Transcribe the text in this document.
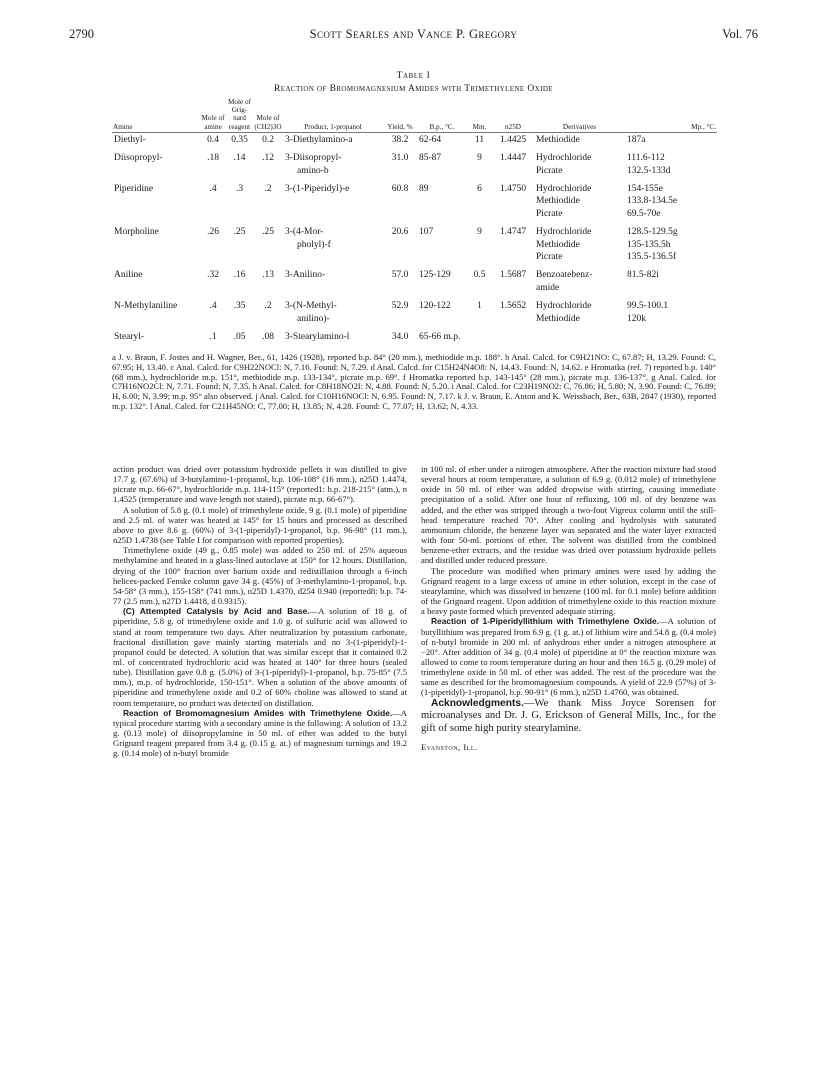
2790	Scott Searles and Vance P. Gregory	Vol. 76
Table I
Reaction of Bromomagnesium Amides with Trimethylene Oxide
Amine	Mole of amine	Mole of Grig-nard reagent	Mole of (CH2)3O	Product, 1-propanol	Yield, %	B.p., °C.	Mm.	n25D	Derivatives	Mp., °C.
Diethyl-	0.4	0.35	0.2	3-Diethylamino-a	38.2	62-64	11	1.4425	Methiodide	187a
Diisopropyl-	.18	.14	.12	3-Diisopropyl-	31.0	85-87	9	1.4447	Hydrochloride	111.6-112
				amino-b					Picrate	132.5-133d
Piperidine	.4	.3	.2	3-(1-Piperidyl)-e	60.8	89	6	1.4750	Hydrochloride	154-155e
									Methiodide	133.8-134.5e
									Picrate	69.5-70e
Morpholine	.26	.25	.25	3-(4-Mor-	20.6	107	9	1.4747	Hydrochloride	128.5-129.5g
				pholyl)-f					Methiodide	135-135.5h
									Picrate	135.5-136.5f
Aniline	.32	.16	.13	3-Anilino-	57.0	125-129	0.5	1.5687	Benzoatebenz-	81.5-82i
									amide	
N-Methylaniline	.4	.35	.2	3-(N-Methyl-	52.9	120-122	1	1.5652	Hydrochloride	99.5-100.1
				anilino)-					Methiodide	120k
Stearyl-	.1	.05	.08	3-Stearylamino-l	34.0	65-66 m.p.				
a J. v. Braun, F. Jostes and H. Wagner, Ber., 61, 1426 (1928), reported b.p. 84° (20 mm.), methiodide m.p. 188°. b Anal. Calcd. for C9H21NO: C, 67.87; H, 13.29. Found: C, 67.95; H, 13.40. c Anal. Calcd. for C9H22NOCl: N, 7.16. Found: N, 7.29. d Anal. Calcd. for C15H24N4O8: N, 14.43. Found: N, 14.62. e Hromatka (ref. 7) reported b.p. 140° (68 mm.), hydrochloride m.p. 151°, methiodide m.p. 133-134°, picrate m.p. 69°. f Hromatka reported b.p. 143-145° (28 mm.), picrate m.p. 136-137°. g Anal. Calcd. for C7H16NO2Cl: N, 7.71. Found: N, 7.35. h Anal. Calcd. for C8H18NO2I: N, 4.88. Found: N, 5.20. i Anal. Calcd. for C23H19NO2: C, 76.86; H, 5.80; N, 3.90. Found: C, 76.89; H, 6.00; N, 3.99; m.p. 95° also observed. j Anal. Calcd. for C10H16NOCl: N, 6.95. Found: N, 7.17. k J. v. Braun, E. Anton and K. Weissbach, Ber., 63B, 2847 (1930), reported m.p. 132°. l Anal. Calcd. for C21H45NO: C, 77.00; H, 13.85; N, 4.28. Found: C, 77.07; H, 13.62; N, 4.33.

action product was dried over potassium hydroxide pellets it was distilled to give 17.7 g. (67.6%) of 3-butylamino-1-propanol, b.p. 106-108° (16 mm.), n25D 1.4474, picrate m.p. 66-67°, hydrochloride m.p. 114-115° (reported1: b.p. 218-215° (atm.), n 1.4525 (temperature and wave length not stated), picrate m.p. 66-67°).

A solution of 5.8 g. (0.1 mole) of trimethylene oxide, 9 g. (0.1 mole) of piperidine and 2.5 ml. of water was heated at 145° for 15 hours and processed as described above to give 8.6 g. (60%) of 3-(1-piperidyl)-1-propanol, b.p. 96-98° (11 mm.), n25D 1.4738 (see Table I for comparison with reported properties).

Trimethylene oxide (49 g., 0.85 mole) was added to 250 ml. of 25% aqueous methylamine and heated in a glass-lined autoclave at 150° for 12 hours. Distillation, drying of the 100° fraction over barium oxide and redistillation through a 6-inch helices-packed Fenske column gave 34 g. (45%) of 3-methylamino-1-propanol, b.p. 54-58° (3 mm.), 155-158° (741 mm.), n25D 1.4370, d254 0.940 (reported8: b.p. 74-77 (2.5 mm.), n27D 1.4418, d 0.9315).

(C) Attempted Catalysis by Acid and Base.—A solution of 18 g. of piperidine, 5.8 g. of trimethylene oxide and 1.0 g. of sulfuric acid was allowed to stand at room temperature two days. After neutralization by potassium carbonate, fractional distillation gave mainly starting materials and no 3-(1-piperidyl)-1-propanol could be detected. A solution that was similar except that it contained 0.2 ml. of concentrated hydrochloric acid was heated at 140° for three hours (sealed tube). Distillation gave 0.8 g. (5.0%) of 3-(1-piperidyl)-1-propanol, b.p. 75-85° (7.5 mm.), m.p. of hydrochloride, 150-151°. When a solution of the above amounts of piperidine and trimethylene oxide and 0.2 of 60% choline was allowed to stand at room temperature, no product was detected on distillation.

Reaction of Bromomagnesium Amides with Trimethylene Oxide.—A typical procedure starting with a secondary amine is the following: A solution of 13.2 g. (0.13 mole) of diisopropylamine in 50 ml. of ether was added to the butyl Grignard reagent prepared from 3.4 g. (0.15 g. at.) of magnesium turnings and 19.2 g. (0.14 mole) of n-butyl bromide

in 100 ml. of ether under a nitrogen atmosphere. After the reaction mixture had stood several hours at room temperature, a solution of 6.9 g. (0.012 mole) of trimethylene oxide in 50 ml. of ether was added dropwise with stirring, causing immediate precipitation of a solid. After one hour of refluxing, 100 ml. of dry benzene was added, and the ether was stripped through a two-foot Vigreux column until the still-head temperature reached 70°. After cooling and hydrolysis with saturated ammonium chloride, the benzene layer was separated and the water layer extracted with four 50-ml. portions of ether. The solvent was distilled from the combined benzene-ether extracts, and the residue was dried over potassium hydroxide pellets and distilled under reduced pressure.

The procedure was modified when primary amines were used by adding the Grignard reagent to a large excess of amine in ether solution, except in the case of stearylamine, which was dissolved in benzene (100 ml. for 0.1 mole) before addition of the Grignard reagent. Upon addition of trimethylene oxide to this reaction mixture a heavy paste formed which prevented adequate stirring.

Reaction of 1-Piperidyllithium with Trimethylene Oxide.—A solution of butyllithium was prepared from 6.9 g. (1 g. at.) of lithium wire and 54.8 g. (0.4 mole) of n-butyl bromide in 200 ml. of anhydrous ether under a nitrogen atmosphere at −20°. After addition of 34 g. (0.4 mole) of piperidine at 0° the reaction mixture was allowed to come to room temperature during an hour and then 16.5 g. (0.29 mole) of trimethylene oxide in 50 ml. of ether was added. The rest of the procedure was the same as described for the bromomagnesium compounds. A yield of 22.9 (57%) of 3-(1-piperidyl)-1-propanol, b.p. 90-91° (6 mm.), n25D 1.4760, was obtained.

Acknowledgments.—We thank Miss Joyce Sorensen for microanalyses and Dr. J. G. Erickson of General Mills, Inc., for the gift of some high purity stearylamine.

Evanston, Ill.
